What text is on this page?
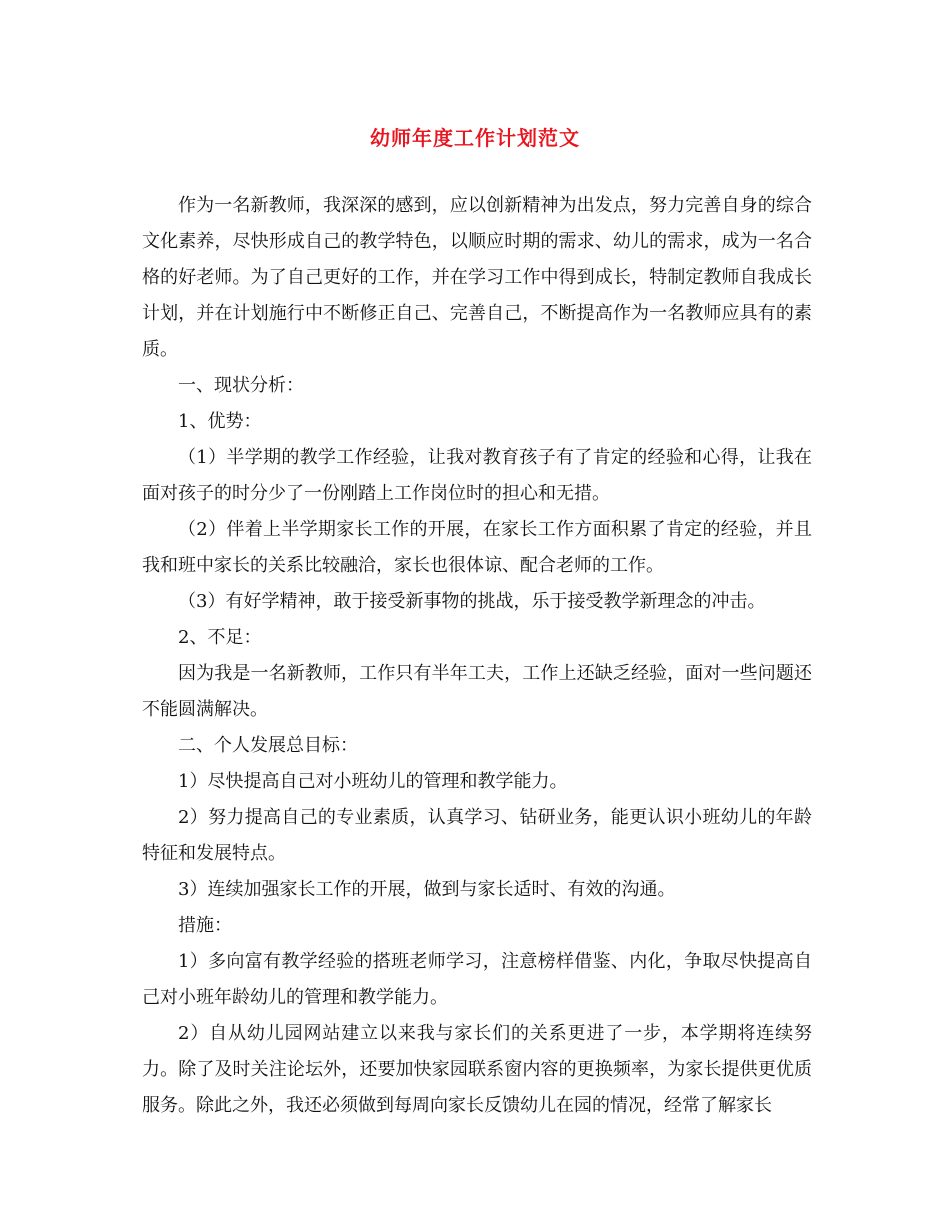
幼师年度工作计划范文

作为一名新教师，我深深的感到，应以创新精神为出发点，努力完善自身的综合文化素养，尽快形成自己的教学特色，以顺应时期的需求、幼儿的需求，成为一名合格的好老师。为了自己更好的工作，并在学习工作中得到成长，特制定教师自我成长计划，并在计划施行中不断修正自己、完善自己，不断提高作为一名教师应具有的素质。

一、现状分析：

1、优势：

（1）半学期的教学工作经验，让我对教育孩子有了肯定的经验和心得，让我在面对孩子的时分少了一份刚踏上工作岗位时的担心和无措。

（2）伴着上半学期家长工作的开展，在家长工作方面积累了肯定的经验，并且我和班中家长的关系比较融洽，家长也很体谅、配合老师的工作。

（3）有好学精神，敢于接受新事物的挑战，乐于接受教学新理念的冲击。

2、不足：

因为我是一名新教师，工作只有半年工夫，工作上还缺乏经验，面对一些问题还不能圆满解决。

二、个人发展总目标：

1）尽快提高自己对小班幼儿的管理和教学能力。

2）努力提高自己的专业素质，认真学习、钻研业务，能更认识小班幼儿的年龄特征和发展特点。

3）连续加强家长工作的开展，做到与家长适时、有效的沟通。

措施：

1）多向富有教学经验的搭班老师学习，注意榜样借鉴、内化，争取尽快提高自己对小班年龄幼儿的管理和教学能力。

2）自从幼儿园网站建立以来我与家长们的关系更进了一步，本学期将连续努力。除了及时关注论坛外，还要加快家园联系窗内容的更换频率，为家长提供更优质服务。除此之外，我还必须做到每周向家长反馈幼儿在园的情况，经常了解家长
